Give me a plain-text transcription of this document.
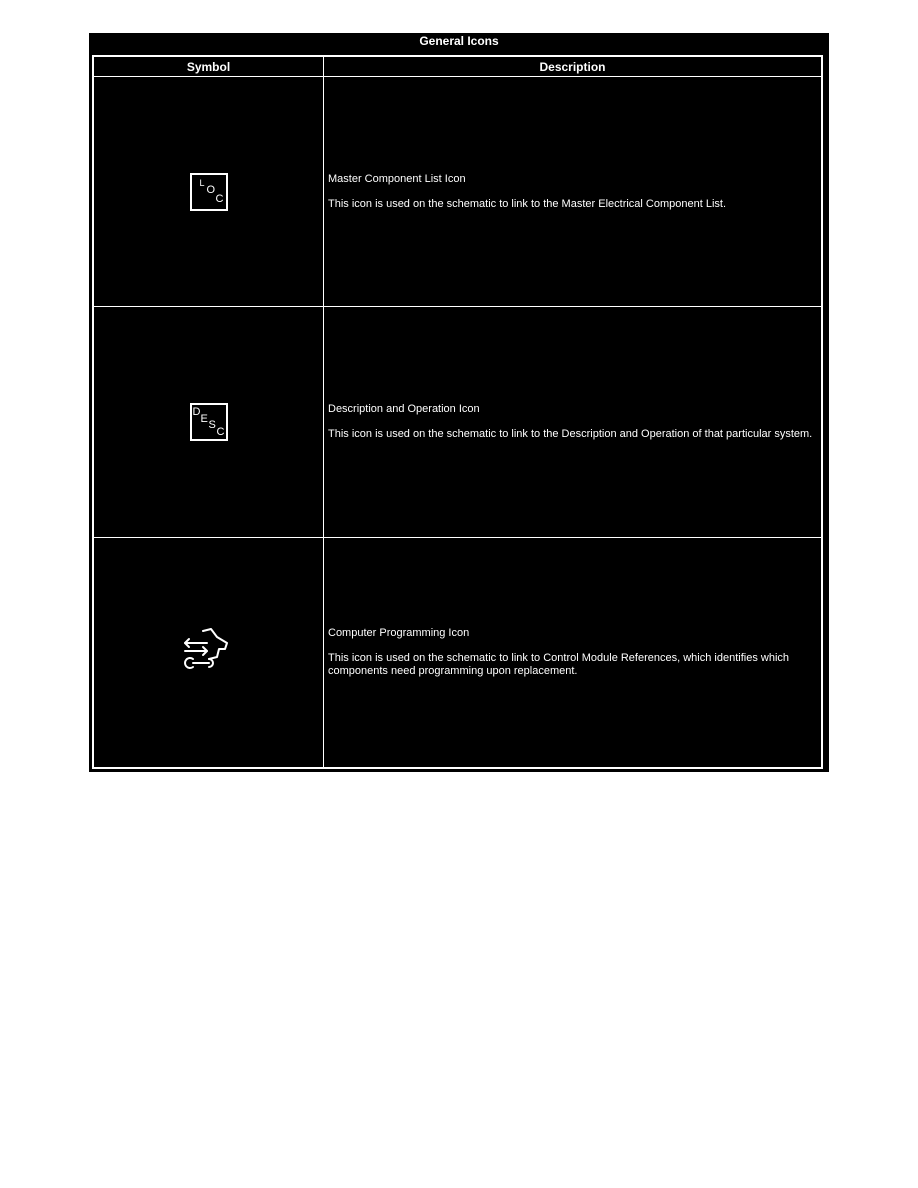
General Icons
Symbol	Description
L
O
C

Master Component List Icon

This icon is used on the schematic to link to the Master Electrical Component List.

D
E S
C

Description and Operation Icon

This icon is used on the schematic to link to the Description and Operation of that particular system.

Computer Programming Icon

This icon is used on the schematic to link to Control Module References, which identifies which components need programming upon replacement.
